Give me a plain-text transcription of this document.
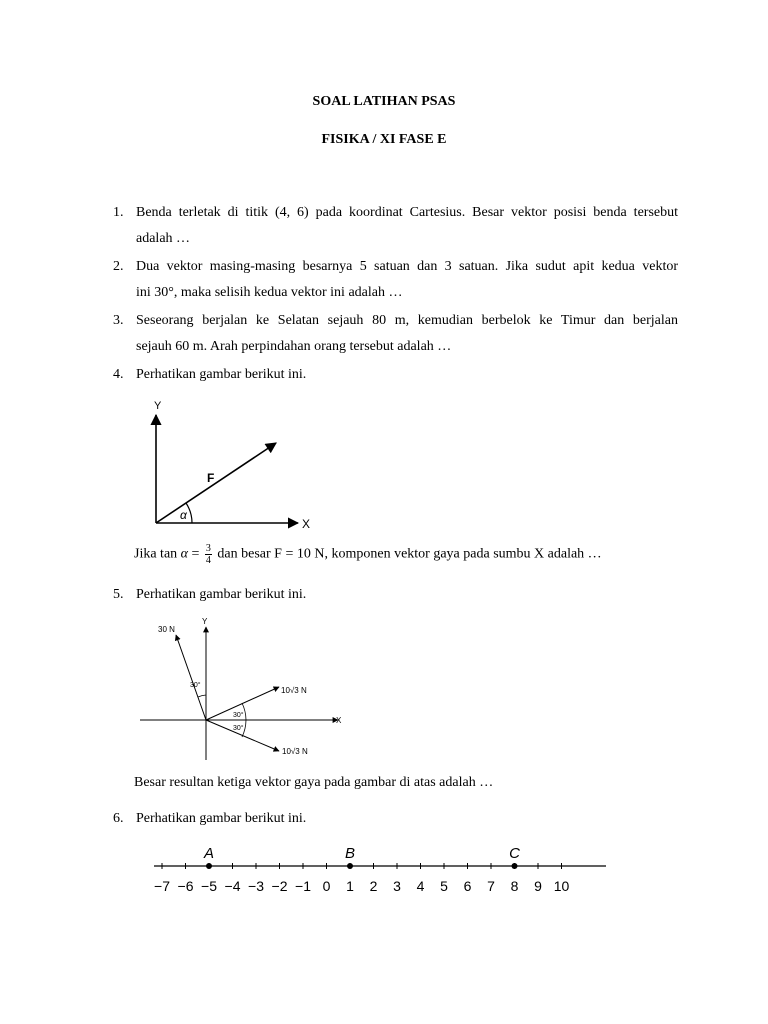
SOAL LATIHAN PSAS
FISIKA / XI FASE E
1. Benda terletak di titik (4, 6) pada koordinat Cartesius. Besar vektor posisi benda tersebut
adalah …
2. Dua vektor masing-masing besarnya 5 satuan dan 3 satuan. Jika sudut apit kedua vektor
ini 30°, maka selisih kedua vektor ini adalah …
3. Seseorang berjalan ke Selatan sejauh 80 m, kemudian berbelok ke Timur dan berjalan
sejauh 60 m. Arah perpindahan orang tersebut adalah …
4. Perhatikan gambar berikut ini.
Y
X
F
α
Jika $\tan \alpha = \frac{3}{4}$ dan besar F = 10 N, komponen vektor gaya pada sumbu X adalah …
5. Perhatikan gambar berikut ini.
Y
X
30 N
10√3 N
10√3 N
30°
30°
30°
Besar resultan ketiga vektor gaya pada gambar di atas adalah …
6. Perhatikan gambar berikut ini.
−7 −6 −5 −4 −3 −2 −1 0 1 2 3 4 5 6 7 8 9 10
A	B	C
